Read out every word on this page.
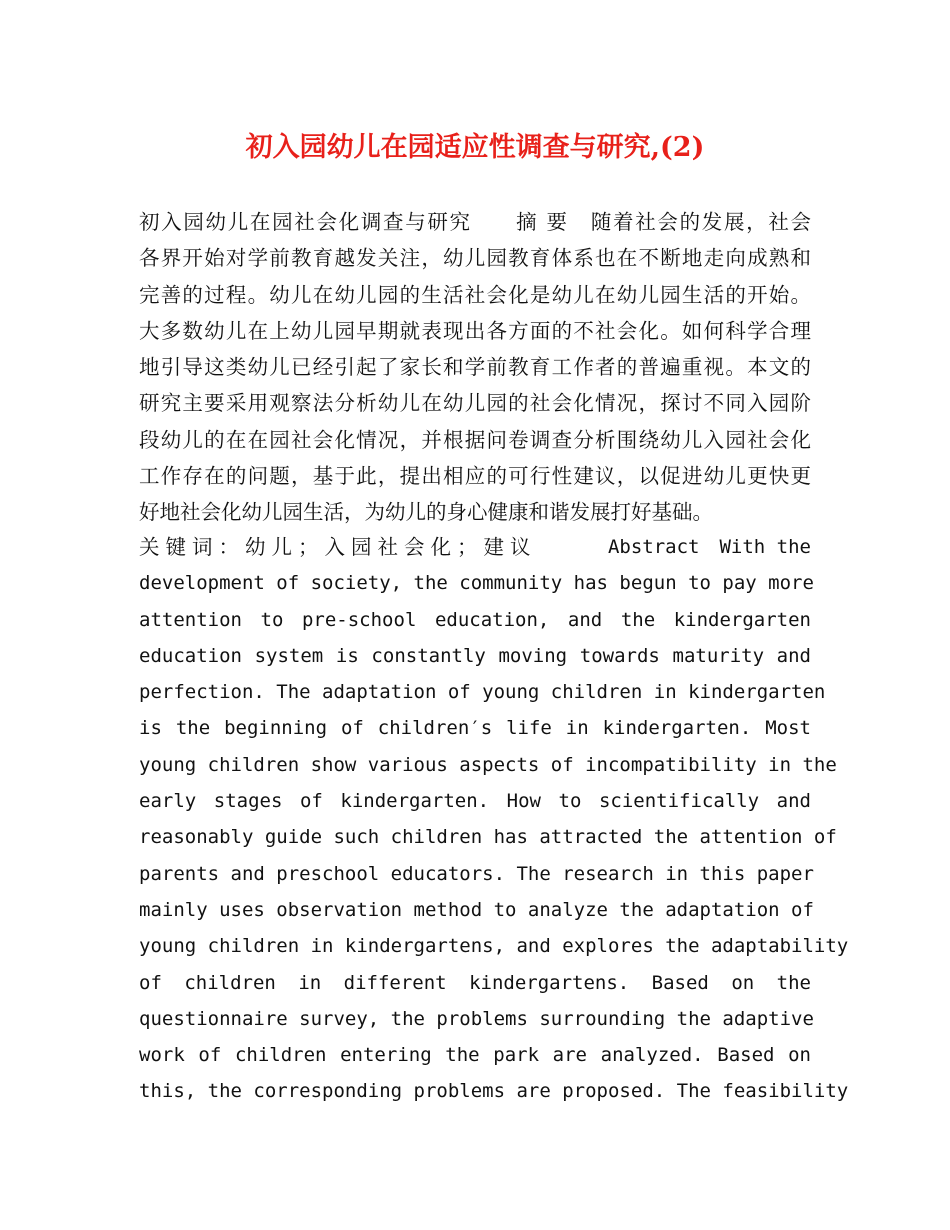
初入园幼儿在园适应性调查与研究,(2)
初入园幼儿在园社会化调查与研究　　摘 要　随着社会的发展，社会
各界开始对学前教育越发关注，幼儿园教育体系也在不断地走向成熟和
完善的过程。幼儿在幼儿园的生活社会化是幼儿在幼儿园生活的开始。
大多数幼儿在上幼儿园早期就表现出各方面的不社会化。如何科学合理
地引导这类幼儿已经引起了家长和学前教育工作者的普遍重视。本文的
研究主要采用观察法分析幼儿在幼儿园的社会化情况，探讨不同入园阶
段幼儿的在在园社会化情况，并根据问卷调查分析围绕幼儿入园社会化
工作存在的问题，基于此，提出相应的可行性建议，以促进幼儿更快更
好地社会化幼儿园生活，为幼儿的身心健康和谐发展打好基础。
关键词：幼儿；入园社会化；建议	Abstract With the
development of society, the community has begun to pay more
attention to pre-school education, and the kindergarten
education system is constantly moving towards maturity and
perfection. The adaptation of young children in kindergarten
is the beginning of children′s life in kindergarten. Most
young children show various aspects of incompatibility in the
early stages of kindergarten. How to scientifically and
reasonably guide such children has attracted the attention of
parents and preschool educators. The research in this paper
mainly uses observation method to analyze the adaptation of
young children in kindergartens, and explores the adaptability
of children in different kindergartens. Based on the
questionnaire survey, the problems surrounding the adaptive
work of children entering the park are analyzed. Based on
this, the corresponding problems are proposed. The feasibility
